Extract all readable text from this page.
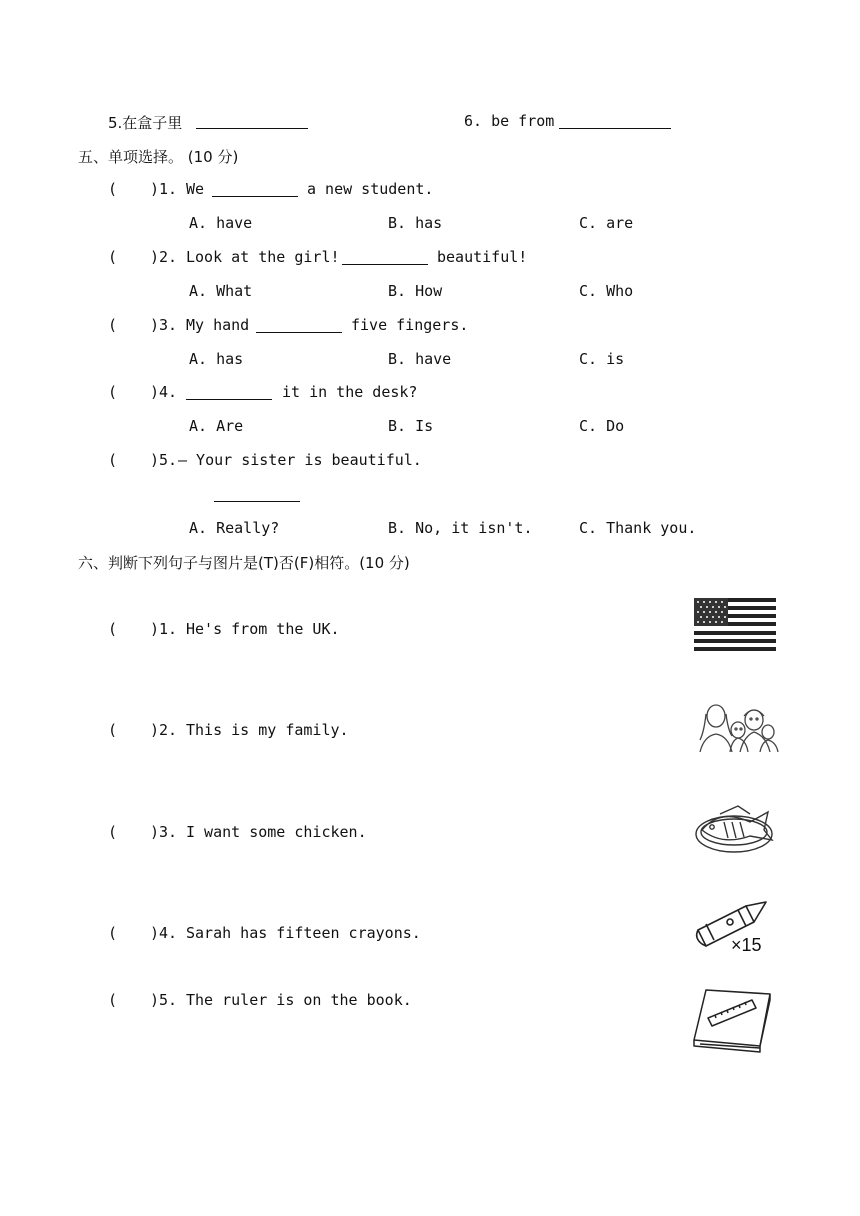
5.在盒子里	6. be from
五、单项选择。 (10 分)
( )1. We	a new student.
A. have	B. has	C. are
( )2. Look at the girl!	beautiful!
A. What	B. How	C. Who
( )3. My hand	five fingers.
A. has	B. have	C. is
( )4.	it in the desk?
A. Are	B. Is	C. Do
( )5. — Your sister is beautiful.
A. Really?	B. No, it isn't.	C. Thank you.
六、判断下列句子与图片是(T)否(F)相符。(10 分)
( )1. He's from the UK.
( )2. This is my family.
( )3. I want some chicken.
( )4. Sarah has fifteen crayons.
×15
( )5. The ruler is on the book.
